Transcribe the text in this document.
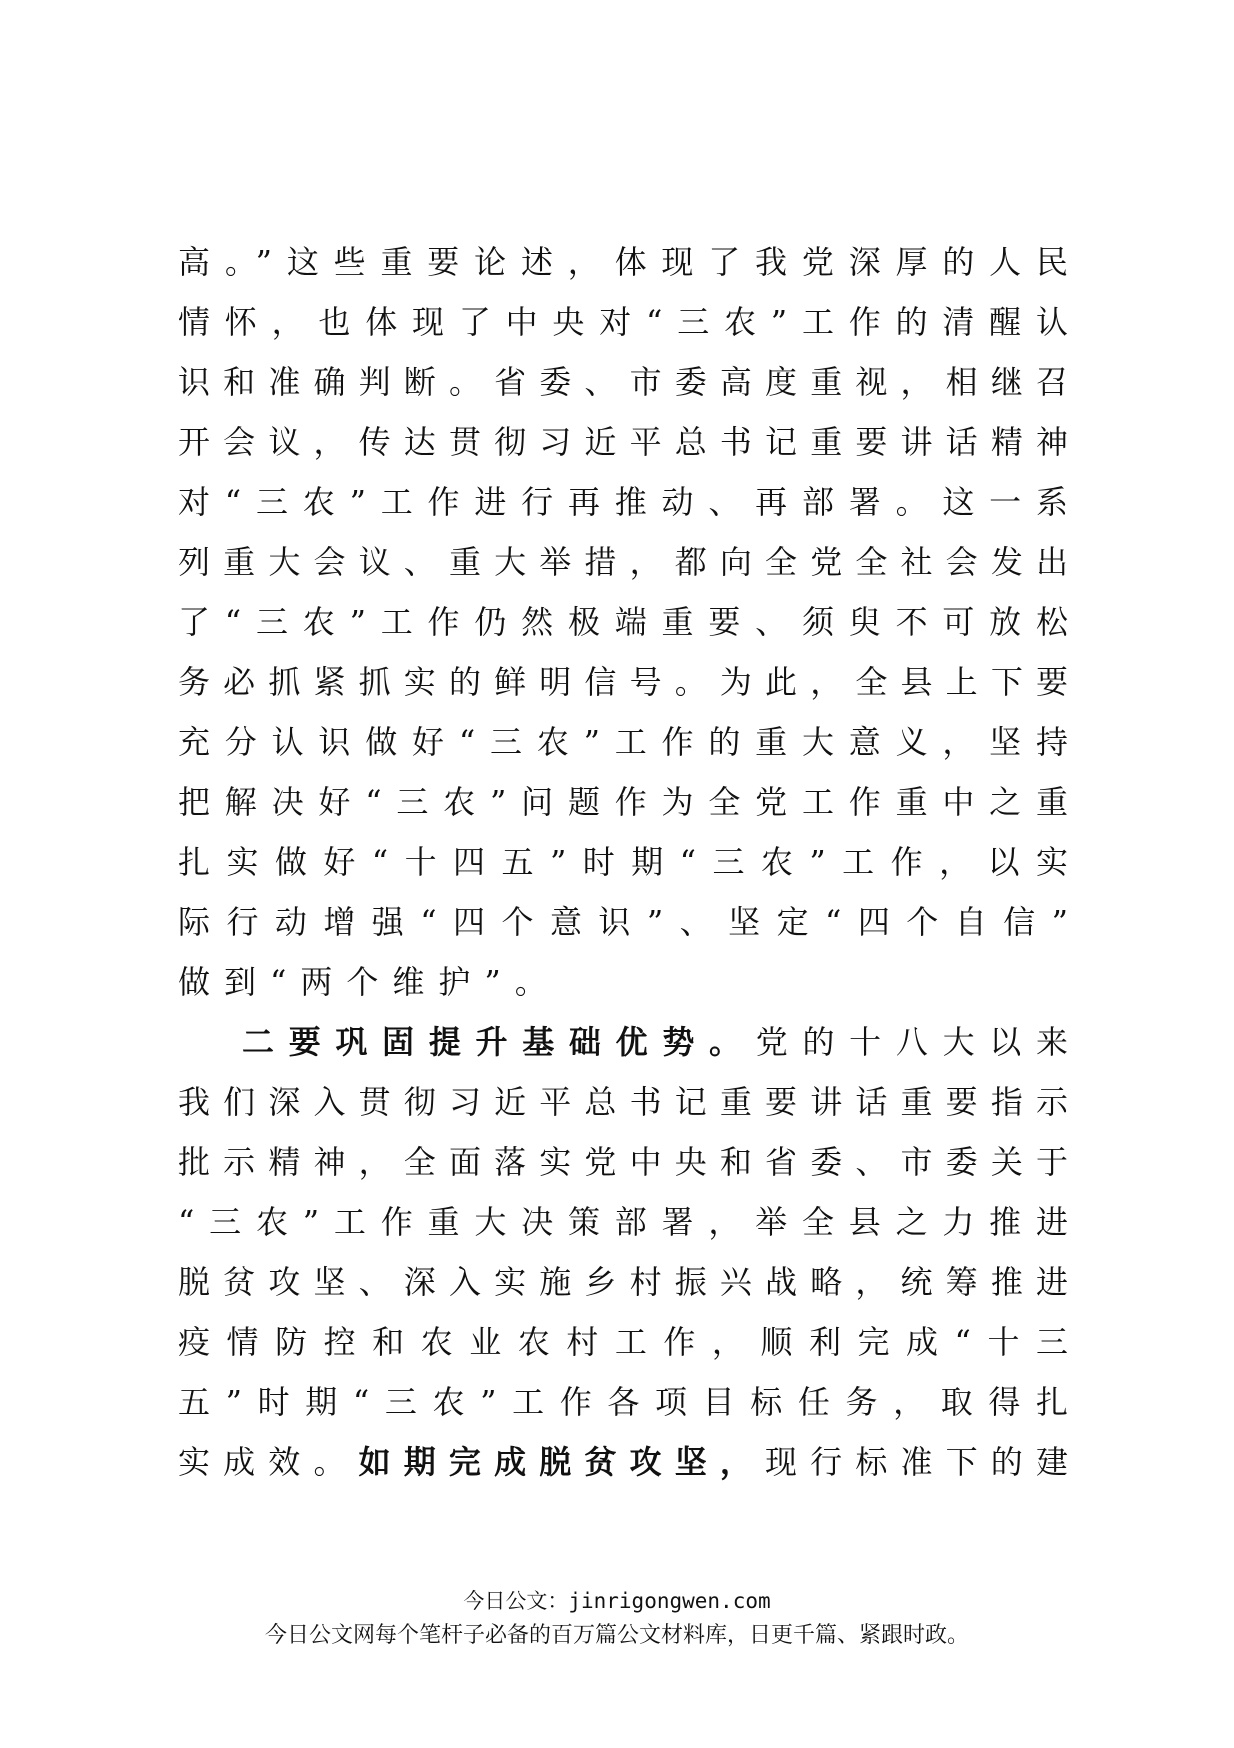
高。”这些重要论述，体现了我党深厚的人民
情怀，也体现了中央对“三农”工作的清醒认
识和准确判断。省委、市委高度重视，相继召
开会议，传达贯彻习近平总书记重要讲话精神
对“三农”工作进行再推动、再部署。这一系
列重大会议、重大举措，都向全党全社会发出
了“三农”工作仍然极端重要、须臾不可放松
务必抓紧抓实的鲜明信号。为此，全县上下要
充分认识做好“三农”工作的重大意义，坚持
把解决好“三农”问题作为全党工作重中之重
扎实做好“十四五”时期“三农”工作，以实
际行动增强“四个意识”、坚定“四个自信”
做到“两个维护”。
二要巩固提升基础优势。党的十八大以来
我们深入贯彻习近平总书记重要讲话重要指示
批示精神，全面落实党中央和省委、市委关于
“三农”工作重大决策部署，举全县之力推进
脱贫攻坚、深入实施乡村振兴战略，统筹推进
疫情防控和农业农村工作，顺利完成“十三
五”时期“三农”工作各项目标任务，取得扎
实成效。如期完成脱贫攻坚，现行标准下的建
今日公文：jinrigongwen.com
今日公文网每个笔杆子必备的百万篇公文材料库，日更千篇、紧跟时政。
